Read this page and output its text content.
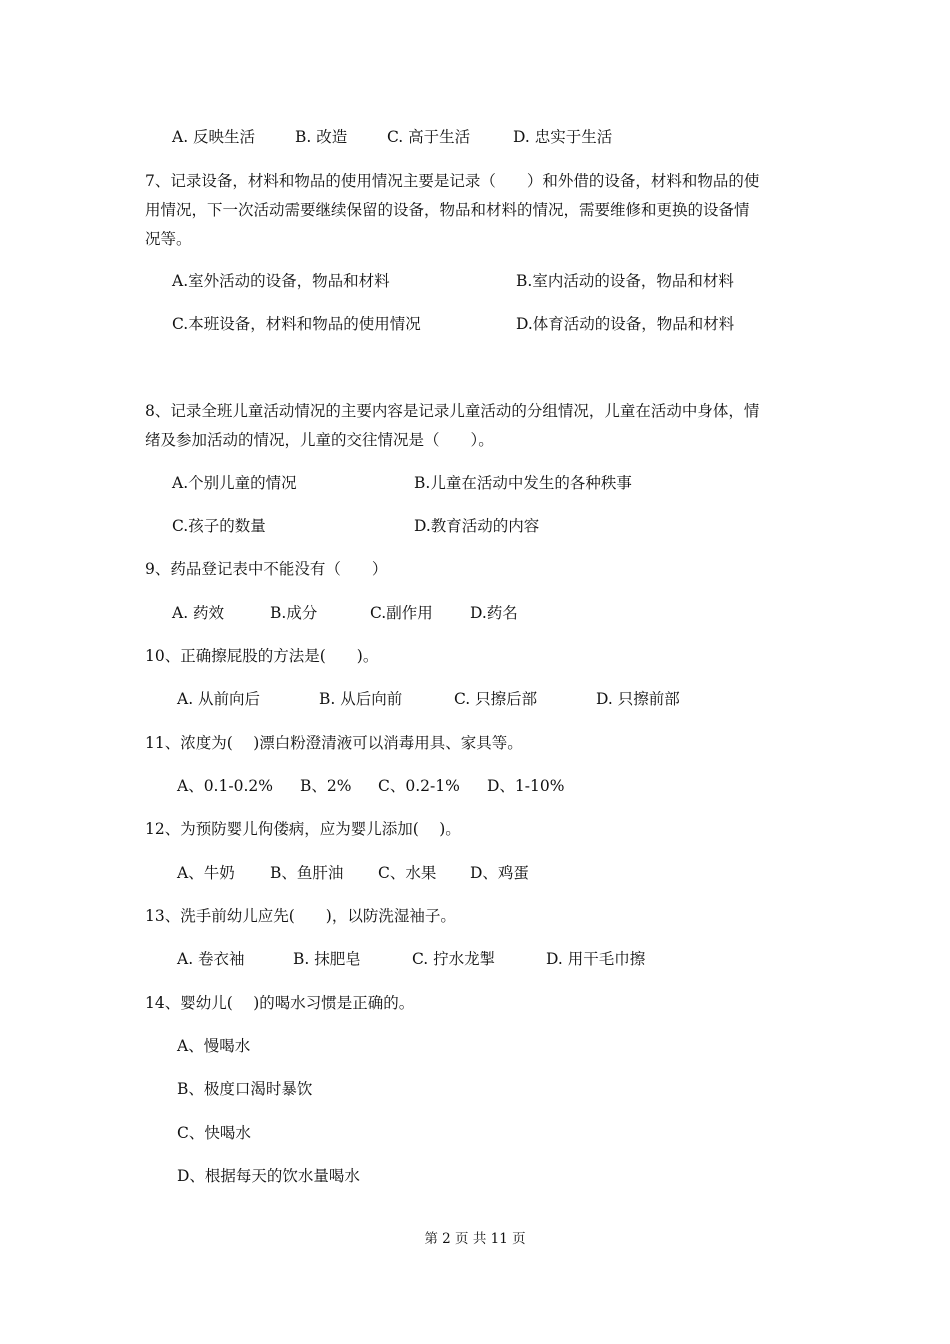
A. 反映生活	B. 改造	C. 高于生活	D. 忠实于生活
7、记录设备，材料和物品的使用情况主要是记录（　　）和外借的设备，材料和物品的使
用情况，下一次活动需要继续保留的设备，物品和材料的情况，需要维修和更换的设备情
况等。
A.室外活动的设备，物品和材料	B.室内活动的设备，物品和材料
C.本班设备，材料和物品的使用情况	D.体育活动的设备，物品和材料
8、记录全班儿童活动情况的主要内容是记录儿童活动的分组情况，儿童在活动中身体，情
绪及参加活动的情况，儿童的交往情况是（　　）。
A.个别儿童的情况	B.儿童在活动中发生的各种秩事
C.孩子的数量	D.教育活动的内容
9、药品登记表中不能没有（　　）
A. 药效	B.成分	C.副作用 D.药名
10、正确擦屁股的方法是(　　)。
A. 从前向后	B. 从后向前	C. 只擦后部	D. 只擦前部
11、浓度为(　 )漂白粉澄清液可以消毒用具、家具等。
A、0.1-0.2% B、2% C、0.2-1% D、1-10%
12、为预防婴儿佝偻病，应为婴儿添加(　 )。
A、牛奶 B、鱼肝油 C、水果 D、鸡蛋
13、洗手前幼儿应先(　　)，以防洗湿袖子。
A. 卷衣袖	B. 抹肥皂	C. 拧水龙掣	D. 用干毛巾擦
14、婴幼儿(　 )的喝水习惯是正确的。
A、慢喝水
B、极度口渴时暴饮
C、快喝水
D、根据每天的饮水量喝水
第 2 页 共 11 页
